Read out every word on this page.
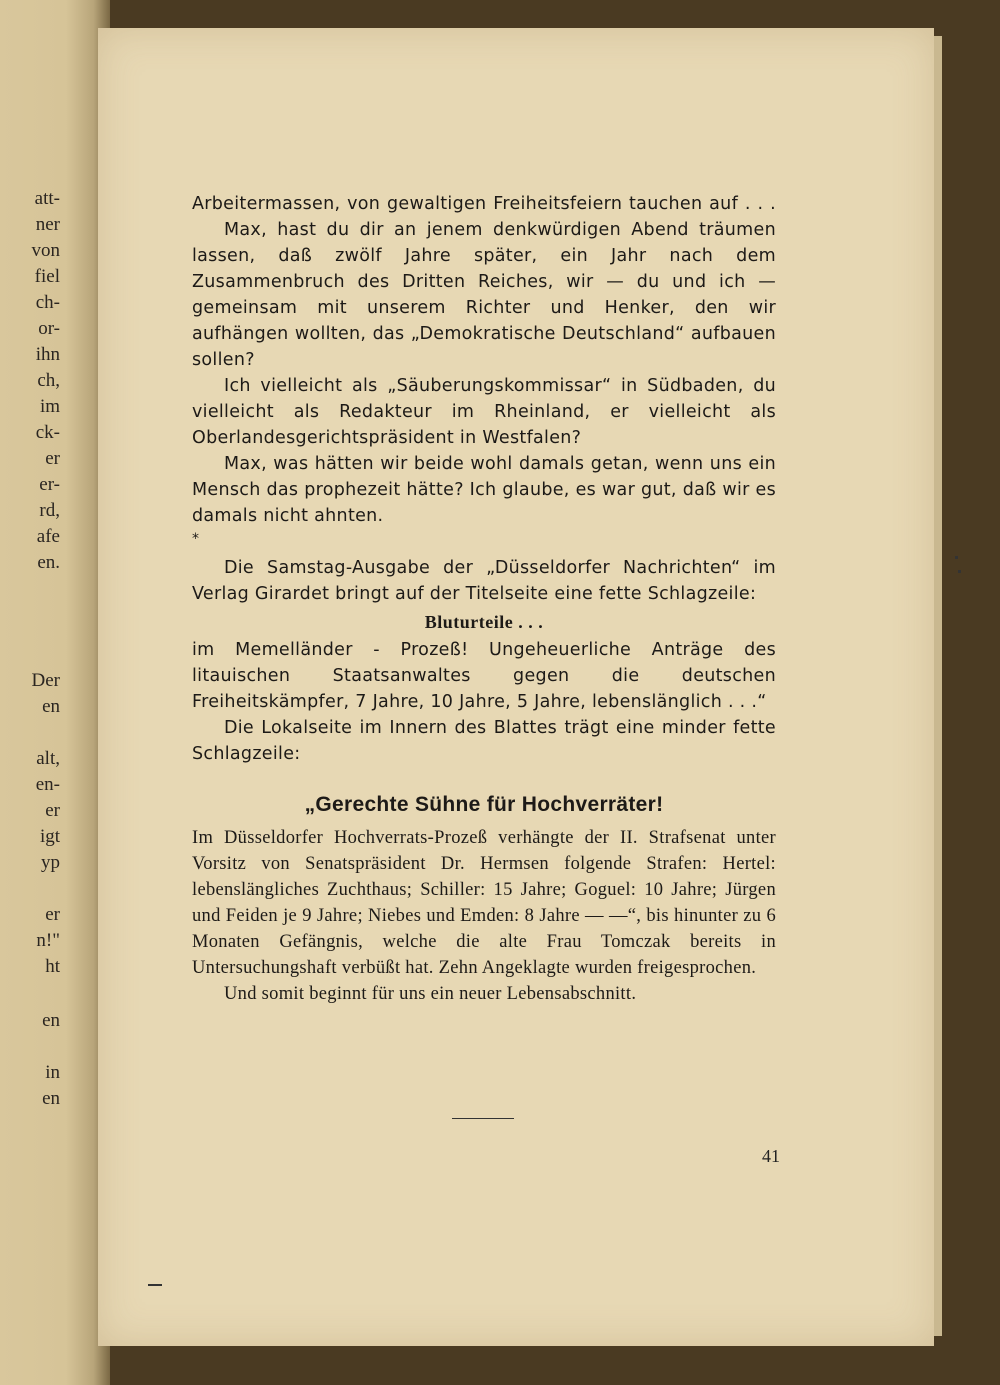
att-
ner
von
fiel
ch-
or-
ihn
ch,
im
ck-
er
er-
rd,
afe
en.
Der
en
alt,
en-
er
igt
yp
er
n!"
ht
en
in
en

Arbeitermassen, von gewaltigen Freiheitsfeiern tauchen auf . . .

Max, hast du dir an jenem denkwürdigen Abend träumen lassen, daß zwölf Jahre später, ein Jahr nach dem Zusammenbruch des Dritten Reiches, wir — du und ich — gemeinsam mit unserem Richter und Henker, den wir aufhängen wollten, das „Demokratische Deutschland“ aufbauen sollen?

Ich vielleicht als „Säuberungskommissar“ in Südbaden, du vielleicht als Redakteur im Rheinland, er vielleicht als Oberlandesgerichtspräsident in Westfalen?

Max, was hätten wir beide wohl damals getan, wenn uns ein Mensch das prophezeit hätte? Ich glaube, es war gut, daß wir es damals nicht ahnten.

*

Die Samstag-Ausgabe der „Düsseldorfer Nachrichten“ im Verlag Girardet bringt auf der Titelseite eine fette Schlagzeile:

Bluturteile . . .

im Memelländer - Prozeß! Ungeheuerliche Anträge des litauischen Staatsanwaltes gegen die deutschen Freiheitskämpfer, 7 Jahre, 10 Jahre, 5 Jahre, lebenslänglich . . .“

Die Lokalseite im Innern des Blattes trägt eine minder fette Schlagzeile:

„Gerechte Sühne für Hochverräter!

Im Düsseldorfer Hochverrats-Prozeß verhängte der II. Strafsenat unter Vorsitz von Senatspräsident Dr. Hermsen folgende Strafen: Hertel: lebenslängliches Zuchthaus; Schiller: 15 Jahre; Goguel: 10 Jahre; Jürgen und Feiden je 9 Jahre; Niebes und Emden: 8 Jahre — —“, bis hinunter zu 6 Monaten Gefängnis, welche die alte Frau Tomczak bereits in Untersuchungshaft verbüßt hat. Zehn Angeklagte wurden freigesprochen.

Und somit beginnt für uns ein neuer Lebensabschnitt.

41
